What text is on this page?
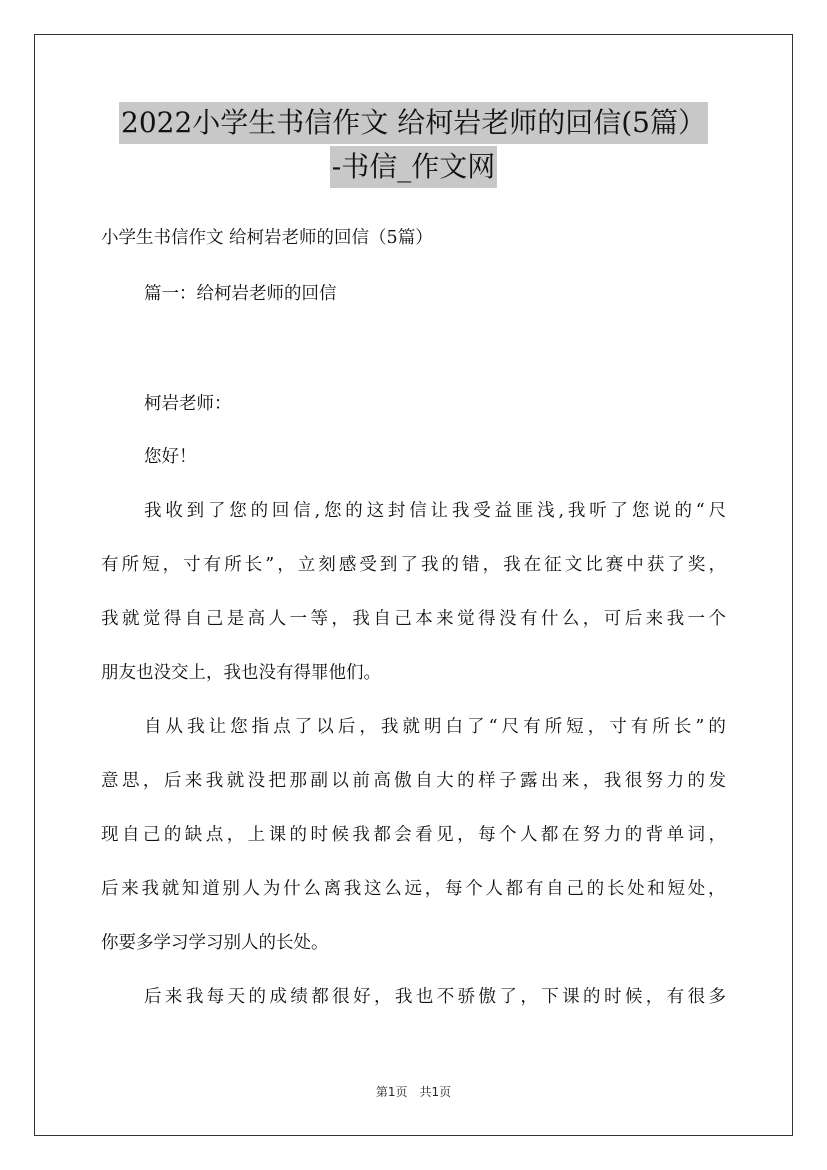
2022小学生书信作文 给柯岩老师的回信(5篇）
-书信_作文网
小学生书信作文 给柯岩老师的回信（5篇）
篇一：给柯岩老师的回信
柯岩老师：
您好！
我收到了您的回信,您的这封信让我受益匪浅,我听了您说的“尺
有所短，寸有所长”，立刻感受到了我的错，我在征文比赛中获了奖，
我就觉得自己是高人一等，我自己本来觉得没有什么，可后来我一个
朋友也没交上，我也没有得罪他们。
自从我让您指点了以后，我就明白了“尺有所短，寸有所长”的
意思，后来我就没把那副以前高傲自大的样子露出来，我很努力的发
现自己的缺点，上课的时候我都会看见，每个人都在努力的背单词，
后来我就知道别人为什么离我这么远，每个人都有自己的长处和短处，
你要多学习学习别人的长处。
后来我每天的成绩都很好，我也不骄傲了，下课的时候，有很多
第1页　共1页
